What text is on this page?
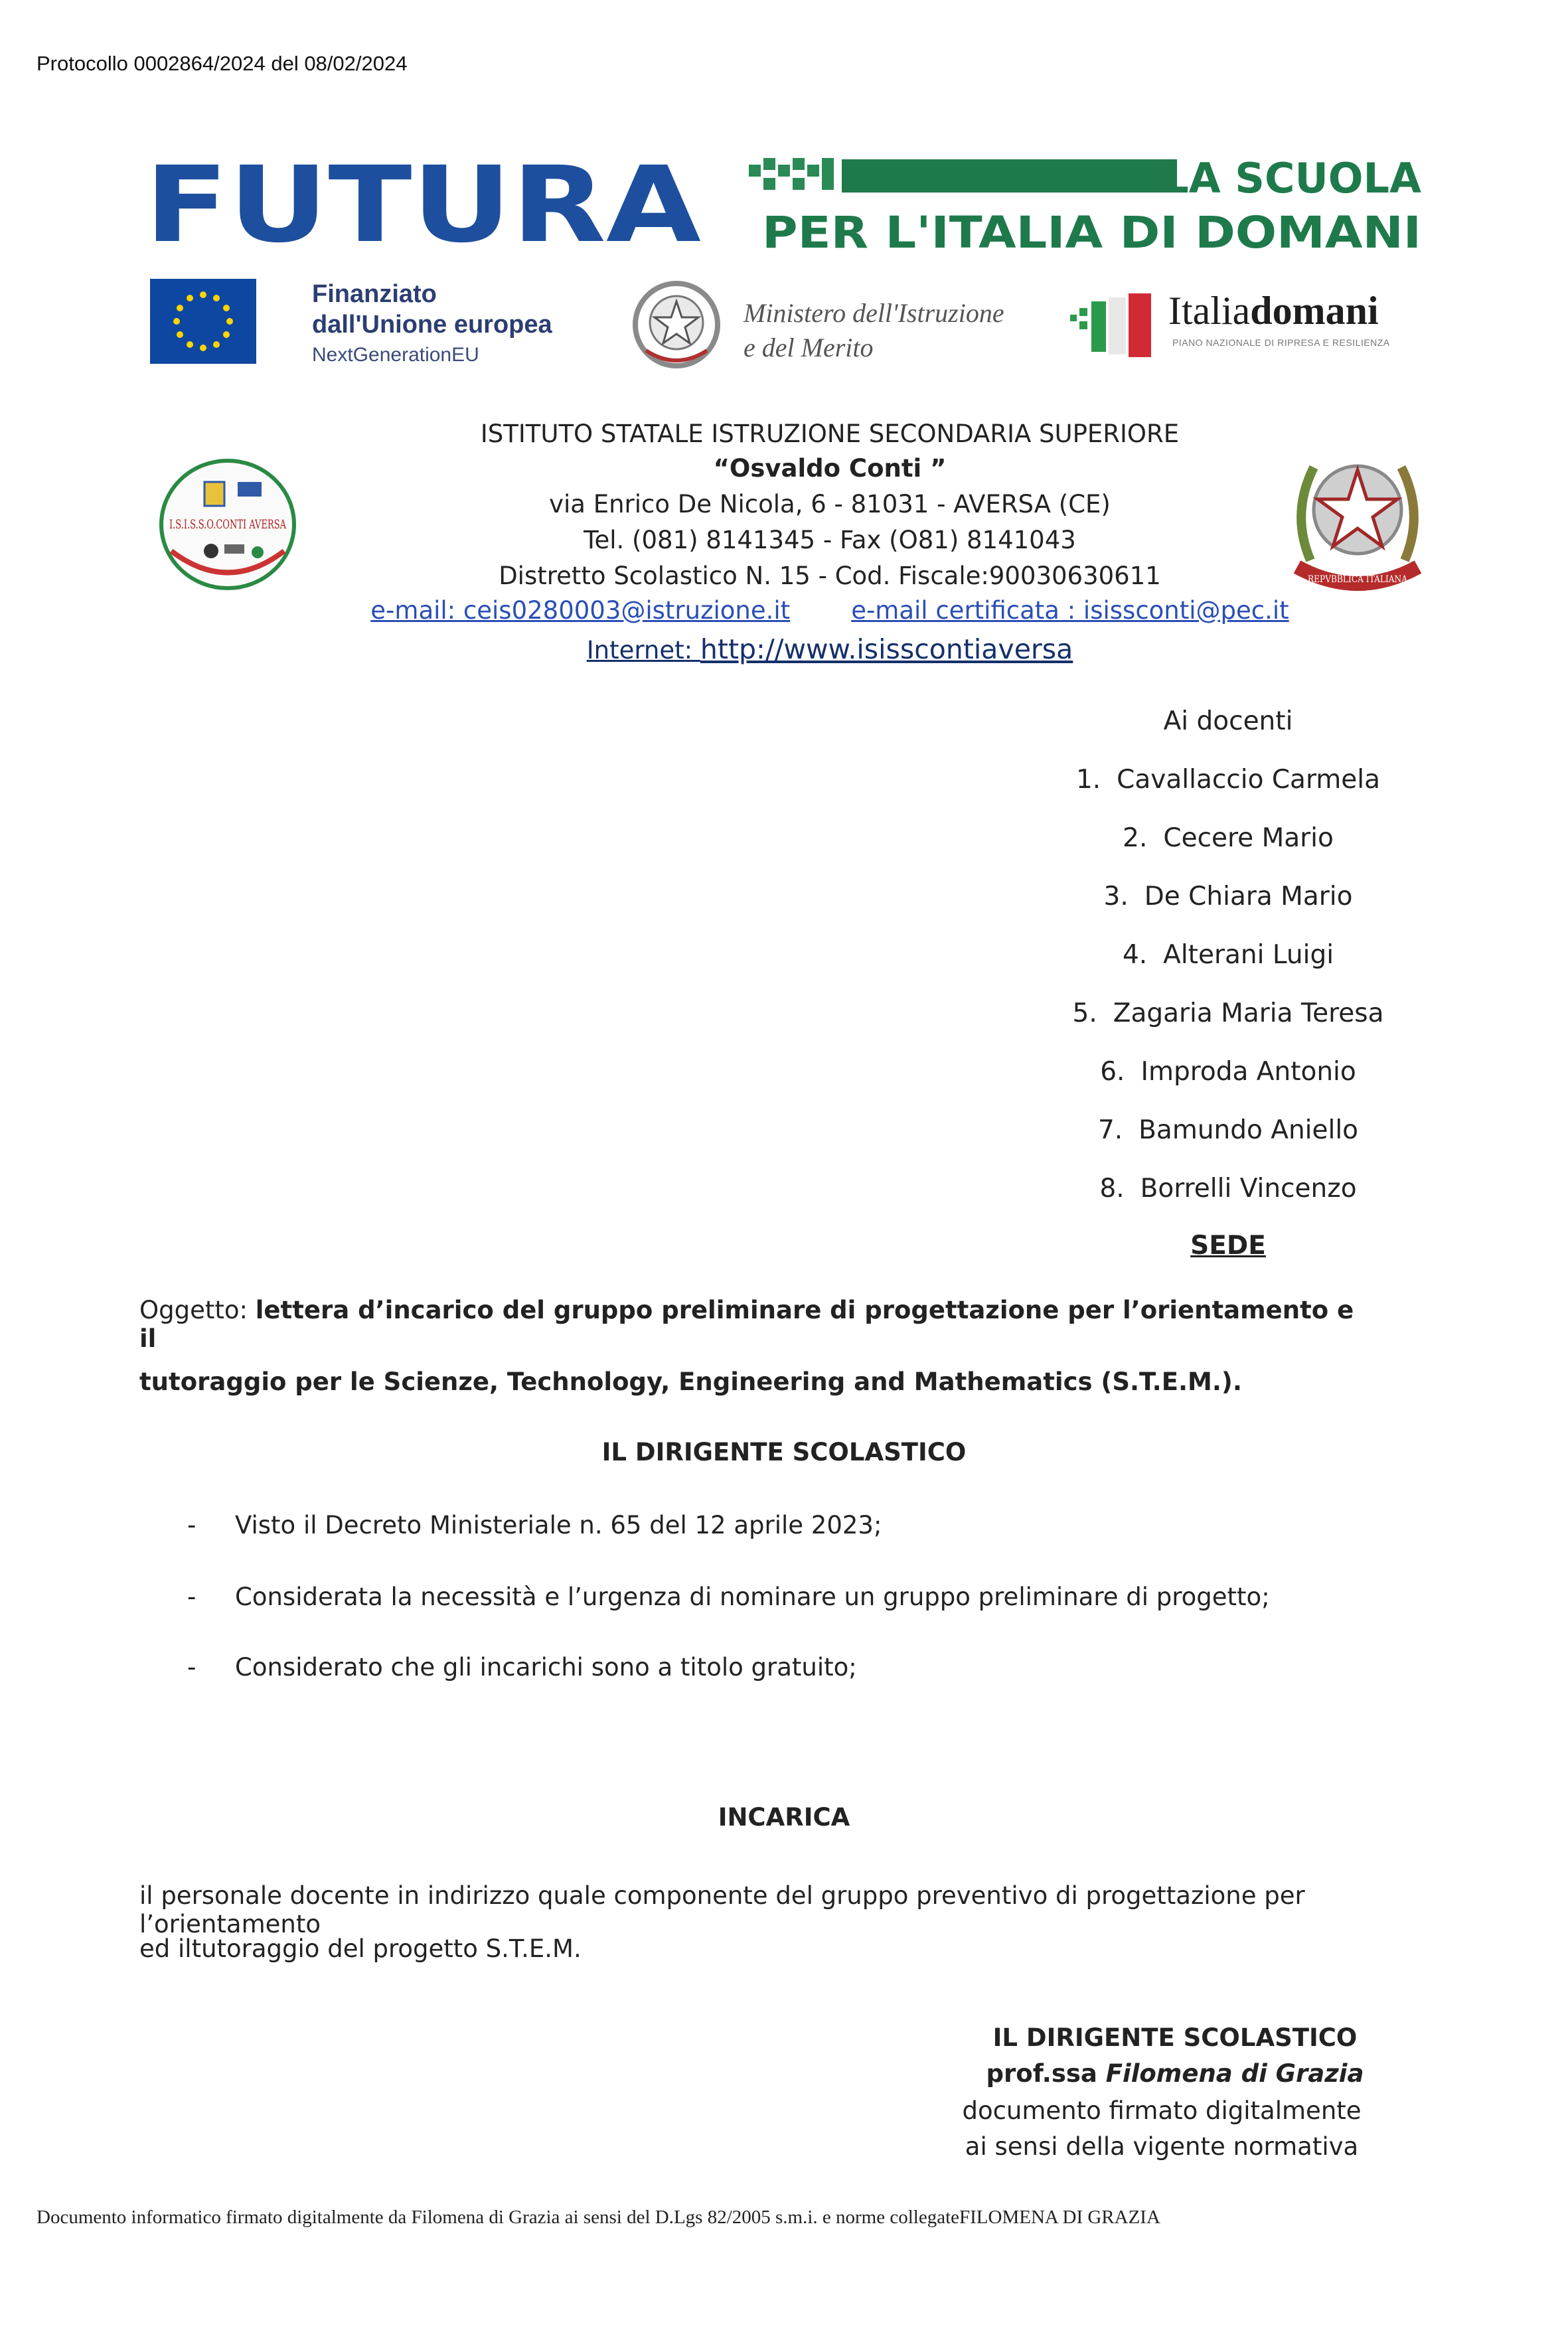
Protocollo 0002864/2024 del 08/02/2024
FUTURA	LA SCUOLA
PER L'ITALIA DI DOMANI
Finanziato
dall'Unione europea
NextGenerationEU
Ministero dell'Istruzione
e del Merito
Italiadomani
PIANO NAZIONALE DI RIPRESA E RESILIENZA
I.S.I.S.S.O.CONTI AVERSA
REPVBBLICA ITALIANA
ISTITUTO STATALE ISTRUZIONE SECONDARIA SUPERIORE
“Osvaldo Conti ”
via Enrico De Nicola, 6 - 81031 - AVERSA (CE)
Tel. (081) 8141345 - Fax (O81) 8141043
Distretto Scolastico N. 15 - Cod. Fiscale:90030630611
e-mail: ceis0280003@istruzione.it e-mail certificata : isissconti@pec.it
Internet: http://www.isisscontiaversa
Ai docenti
1. Cavallaccio Carmela
2. Cecere Mario
3. De Chiara Mario
4. Alterani Luigi
5. Zagaria Maria Teresa
6. Improda Antonio
7. Bamundo Aniello
8. Borrelli Vincenzo
SEDE
Oggetto: lettera d’incarico del gruppo preliminare di progettazione per l’orientamento e il
tutoraggio per le Scienze, Technology, Engineering and Mathematics (S.T.E.M.).
IL DIRIGENTE SCOLASTICO
- Visto il Decreto Ministeriale n. 65 del 12 aprile 2023;
- Considerata la necessità e l’urgenza di nominare un gruppo preliminare di progetto;
- Considerato che gli incarichi sono a titolo gratuito;
INCARICA
il personale docente in indirizzo quale componente del gruppo preventivo di progettazione per l’orientamento
ed iltutoraggio del progetto S.T.E.M.
IL DIRIGENTE SCOLASTICO
prof.ssa Filomena di Grazia
documento firmato digitalmente
ai sensi della vigente normativa
Documento informatico firmato digitalmente da Filomena di Grazia ai sensi del D.Lgs 82/2005 s.m.i. e norme collegateFILOMENA DI GRAZIA
